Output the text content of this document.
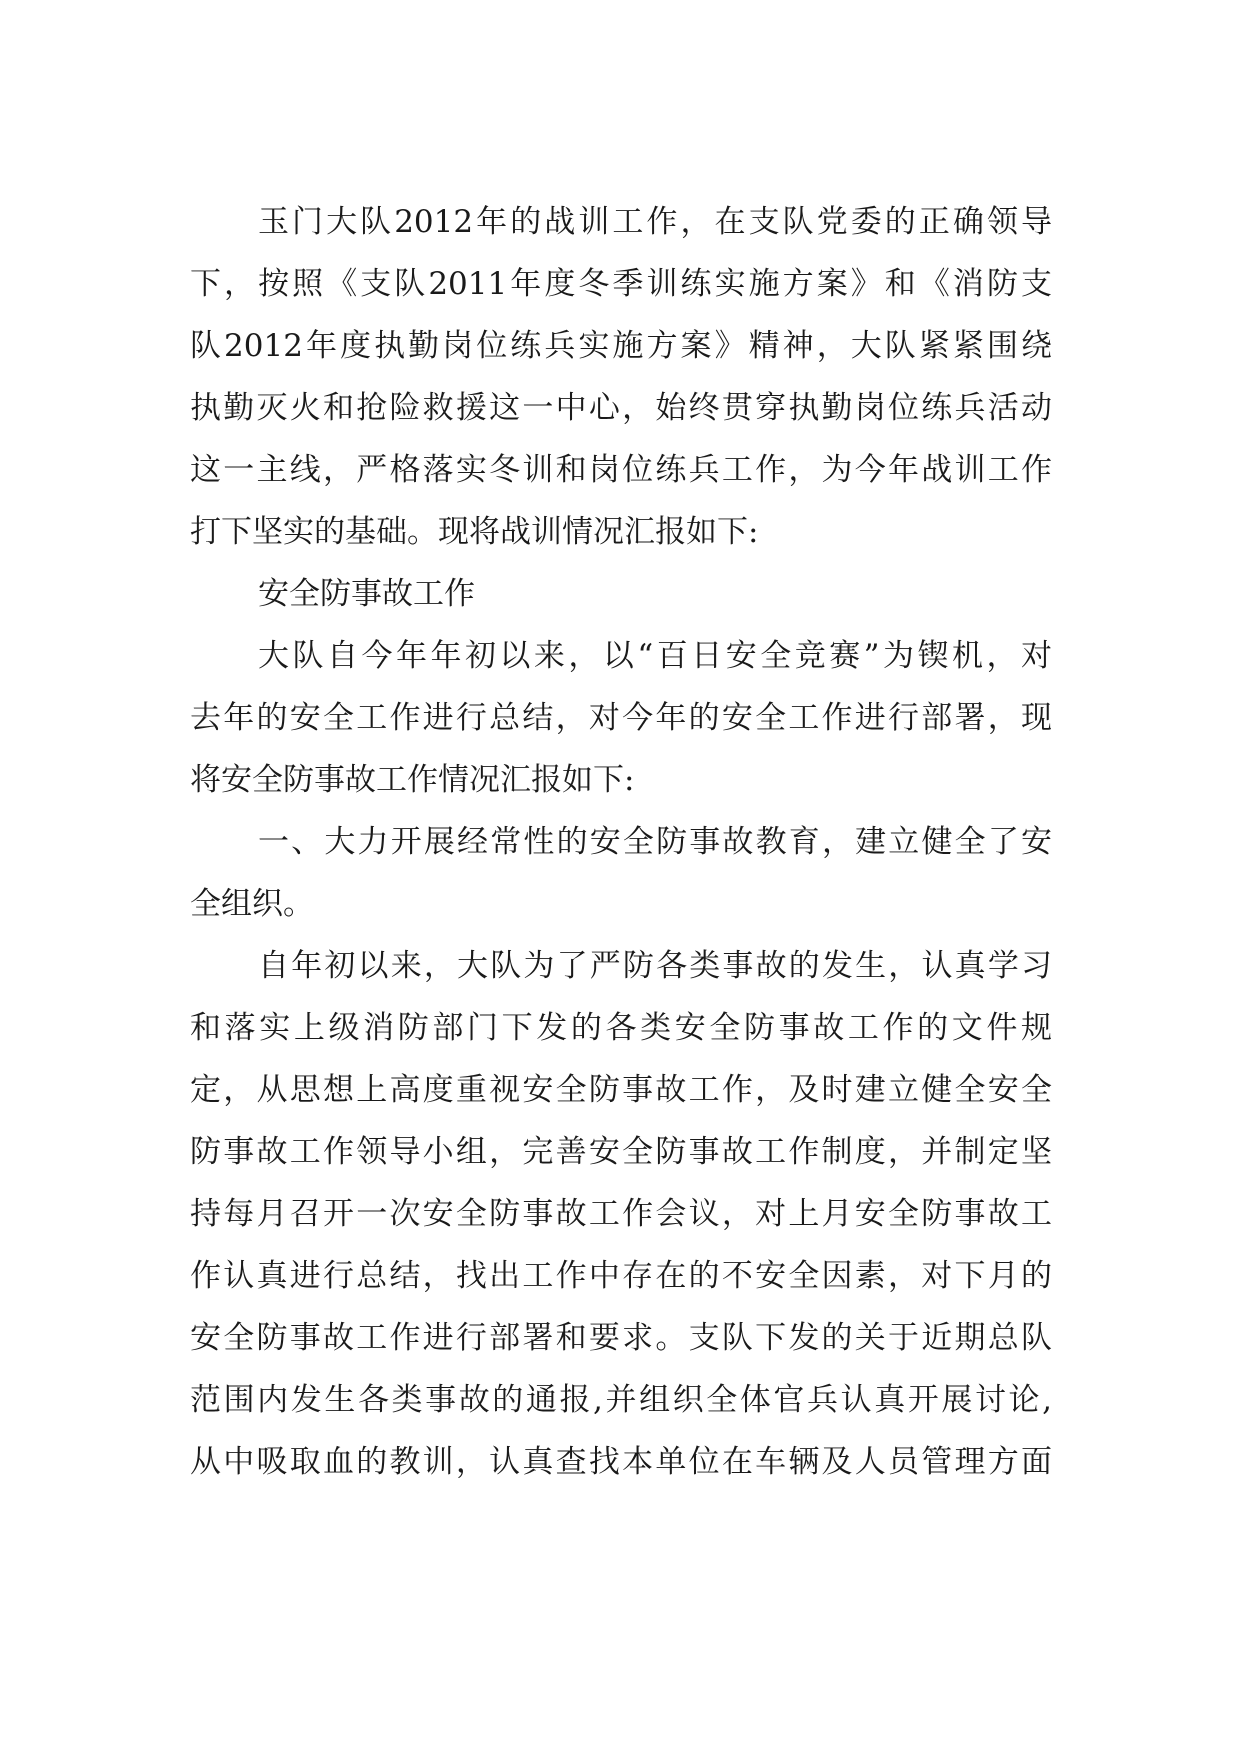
玉门大队2012年的战训工作，在支队党委的正确领导
下，按照《支队2011年度冬季训练实施方案》和《消防支
队2012年度执勤岗位练兵实施方案》精神，大队紧紧围绕
执勤灭火和抢险救援这一中心，始终贯穿执勤岗位练兵活动
这一主线，严格落实冬训和岗位练兵工作，为今年战训工作
打下坚实的基础。现将战训情况汇报如下:
安全防事故工作
大队自今年年初以来，以“百日安全竞赛”为锲机，对
去年的安全工作进行总结，对今年的安全工作进行部署，现
将安全防事故工作情况汇报如下:
一、大力开展经常性的安全防事故教育，建立健全了安
全组织。
自年初以来，大队为了严防各类事故的发生，认真学习
和落实上级消防部门下发的各类安全防事故工作的文件规
定，从思想上高度重视安全防事故工作，及时建立健全安全
防事故工作领导小组，完善安全防事故工作制度，并制定坚
持每月召开一次安全防事故工作会议，对上月安全防事故工
作认真进行总结，找出工作中存在的不安全因素，对下月的
安全防事故工作进行部署和要求。支队下发的关于近期总队
范围内发生各类事故的通报,并组织全体官兵认真开展讨论,
从中吸取血的教训，认真查找本单位在车辆及人员管理方面
